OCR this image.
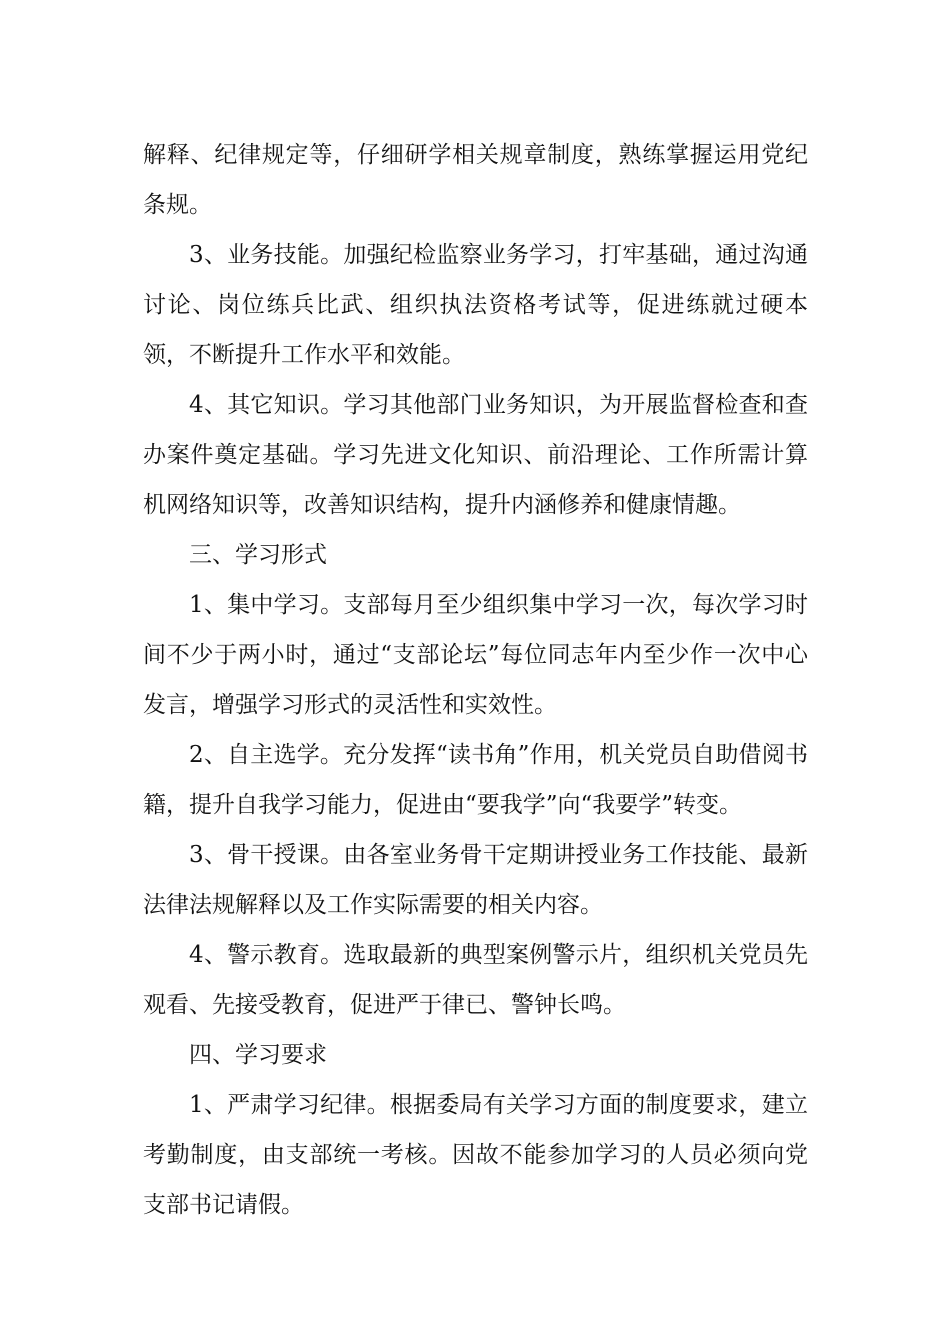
解释、纪律规定等，仔细研学相关规章制度，熟练掌握运用党纪条规。

3、业务技能。加强纪检监察业务学习，打牢基础，通过沟通讨论、岗位练兵比武、组织执法资格考试等，促进练就过硬本领，不断提升工作水平和效能。

4、其它知识。学习其他部门业务知识，为开展监督检查和查办案件奠定基础。学习先进文化知识、前沿理论、工作所需计算机网络知识等，改善知识结构，提升内涵修养和健康情趣。

三、学习形式

1、集中学习。支部每月至少组织集中学习一次，每次学习时间不少于两小时，通过“支部论坛”每位同志年内至少作一次中心发言，增强学习形式的灵活性和实效性。

2、自主选学。充分发挥“读书角”作用，机关党员自助借阅书籍，提升自我学习能力，促进由“要我学”向“我要学”转变。

3、骨干授课。由各室业务骨干定期讲授业务工作技能、最新法律法规解释以及工作实际需要的相关内容。

4、警示教育。选取最新的典型案例警示片，组织机关党员先观看、先接受教育，促进严于律已、警钟长鸣。

四、学习要求

1、严肃学习纪律。根据委局有关学习方面的制度要求，建立考勤制度，由支部统一考核。因故不能参加学习的人员必须向党支部书记请假。
